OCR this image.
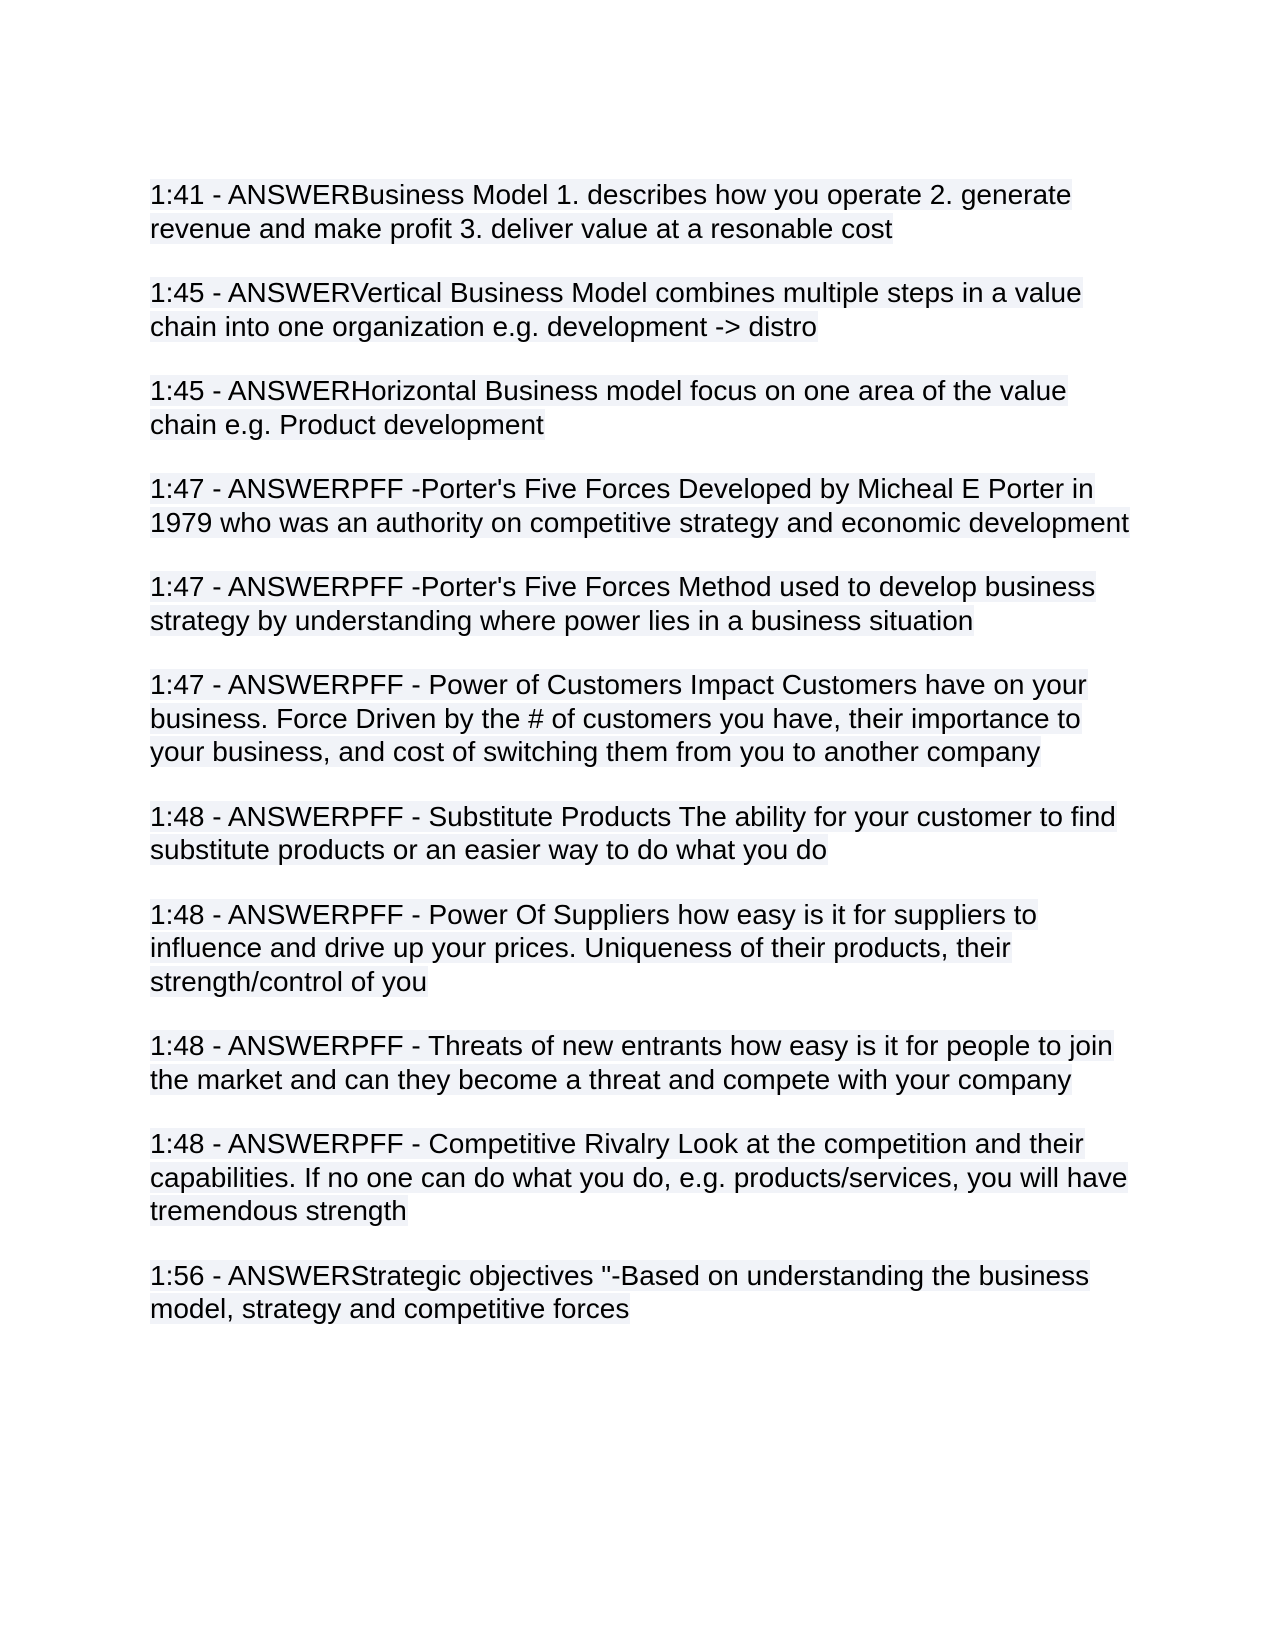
1:41 - ANSWERBusiness Model 1. describes how you operate 2. generate revenue and make profit 3. deliver value at a resonable cost

1:45 - ANSWERVertical Business Model combines multiple steps in a value chain into one organization e.g. development -> distro

1:45 - ANSWERHorizontal Business model focus on one area of the value chain e.g. Product development

1:47 - ANSWERPFF -Porter's Five Forces Developed by Micheal E Porter in 1979 who was an authority on competitive strategy and economic development

1:47 - ANSWERPFF -Porter's Five Forces Method used to develop business strategy by understanding where power lies in a business situation

1:47 - ANSWERPFF - Power of Customers Impact Customers have on your business. Force Driven by the # of customers you have, their importance to your business, and cost of switching them from you to another company

1:48 - ANSWERPFF - Substitute Products The ability for your customer to find substitute products or an easier way to do what you do

1:48 - ANSWERPFF - Power Of Suppliers how easy is it for suppliers to influence and drive up your prices. Uniqueness of their products, their strength/control of you

1:48 - ANSWERPFF - Threats of new entrants how easy is it for people to join the market and can they become a threat and compete with your company

1:48 - ANSWERPFF - Competitive Rivalry Look at the competition and their capabilities. If no one can do what you do, e.g. products/services, you will have tremendous strength

1:56 - ANSWERStrategic objectives "-Based on understanding the business model, strategy and competitive forces
